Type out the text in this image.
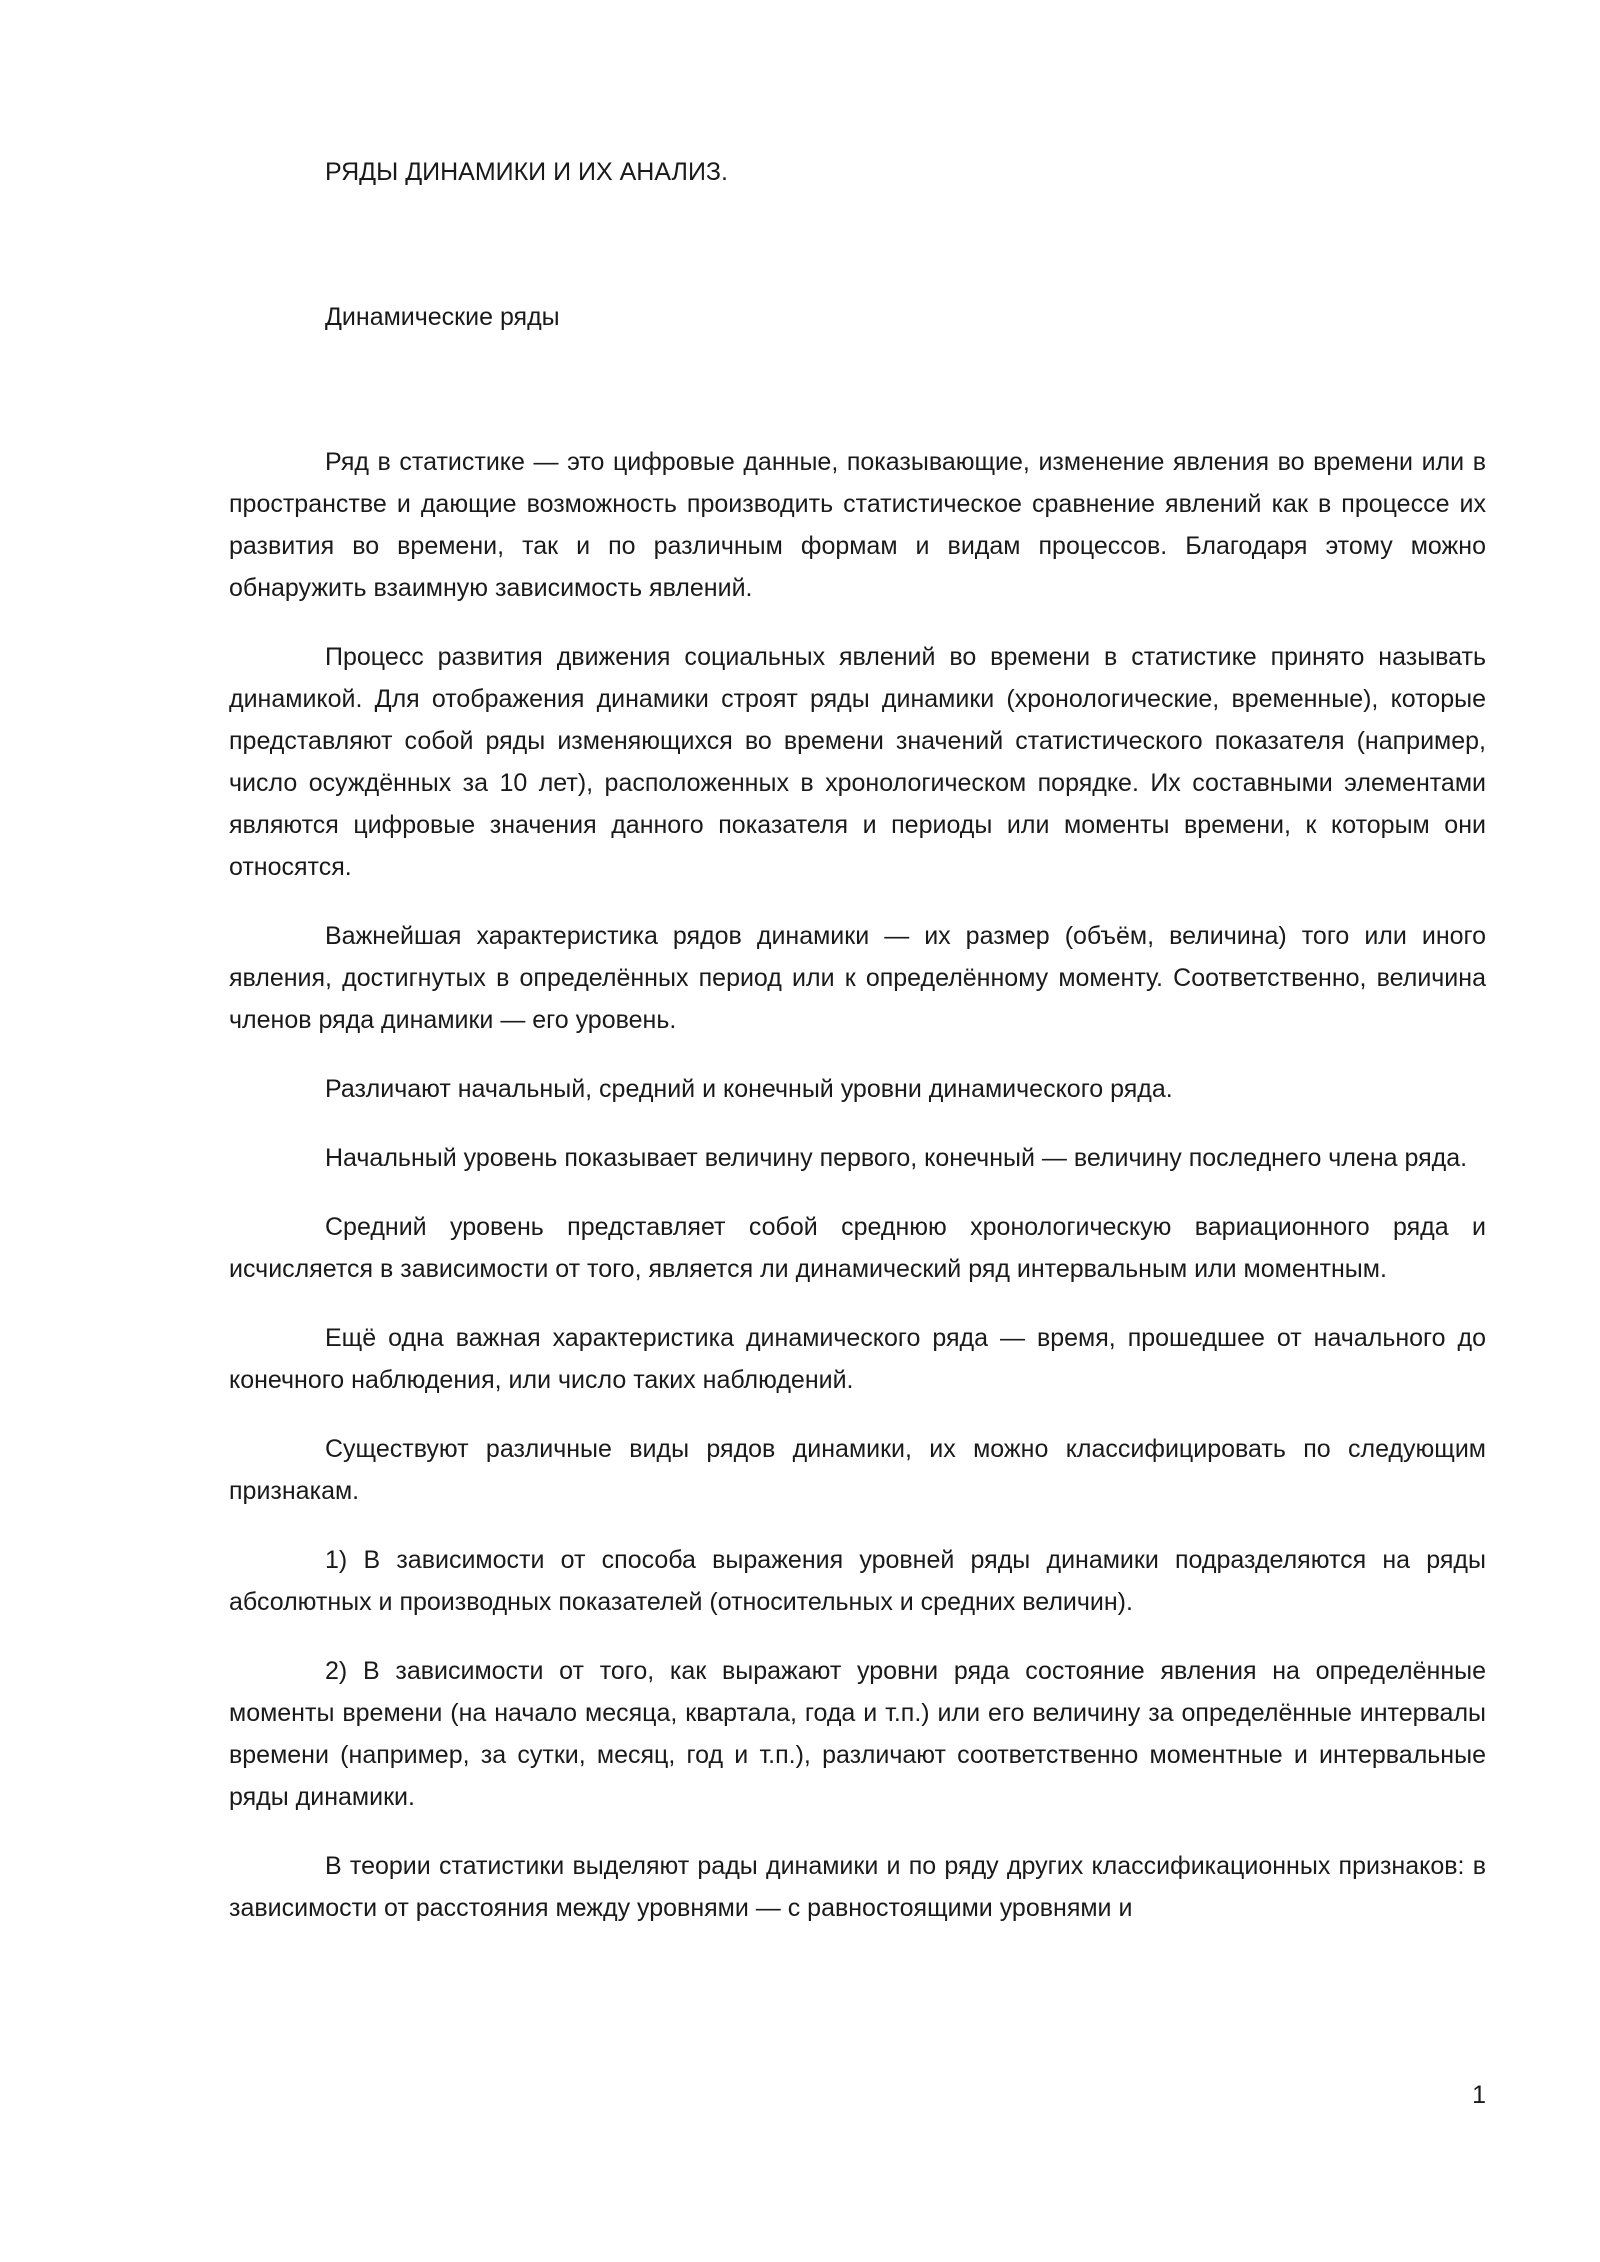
РЯДЫ ДИНАМИКИ И ИХ АНАЛИЗ.
Динамические ряды

Ряд в статистике — это цифровые данные, показывающие, изменение явления во времени или в пространстве и дающие возможность производить статистическое сравнение явлений как в процессе их развития во времени, так и по различным формам и видам процессов. Благодаря этому можно обнаружить взаимную зависимость явлений.

Процесс развития движения социальных явлений во времени в статистике принято называть динамикой. Для отображения динамики строят ряды динамики (хронологические, временные), которые представляют собой ряды изменяющихся во времени значений статистического показателя (например, число осуждённых за 10 лет), расположенных в хронологическом порядке. Их составными элементами являются цифровые значения данного показателя и периоды или моменты времени, к которым они относятся.

Важнейшая характеристика рядов динамики — их размер (объём, величина) того или иного явления, достигнутых в определённых период или к определённому моменту. Соответственно, величина членов ряда динамики — его уровень.

Различают начальный, средний и конечный уровни динамического ряда.

Начальный уровень показывает величину первого, конечный — величину последнего члена ряда.

Средний уровень представляет собой среднюю хронологическую вариационного ряда и исчисляется в зависимости от того, является ли динамический ряд интервальным или моментным.

Ещё одна важная характеристика динамического ряда — время, прошедшее от начального до конечного наблюдения, или число таких наблюдений.

Существуют различные виды рядов динамики, их можно классифицировать по следующим признакам.

1) В зависимости от способа выражения уровней ряды динамики подразделяются на ряды абсолютных и производных показателей (относительных и средних величин).

2) В зависимости от того, как выражают уровни ряда состояние явления на определённые моменты времени (на начало месяца, квартала, года и т.п.) или его величину за определённые интервалы времени (например, за сутки, месяц, год и т.п.), различают соответственно моментные и интервальные ряды динамики.

В теории статистики выделяют рады динамики и по ряду других классификационных признаков: в зависимости от расстояния между уровнями — с равностоящими уровнями и

1
